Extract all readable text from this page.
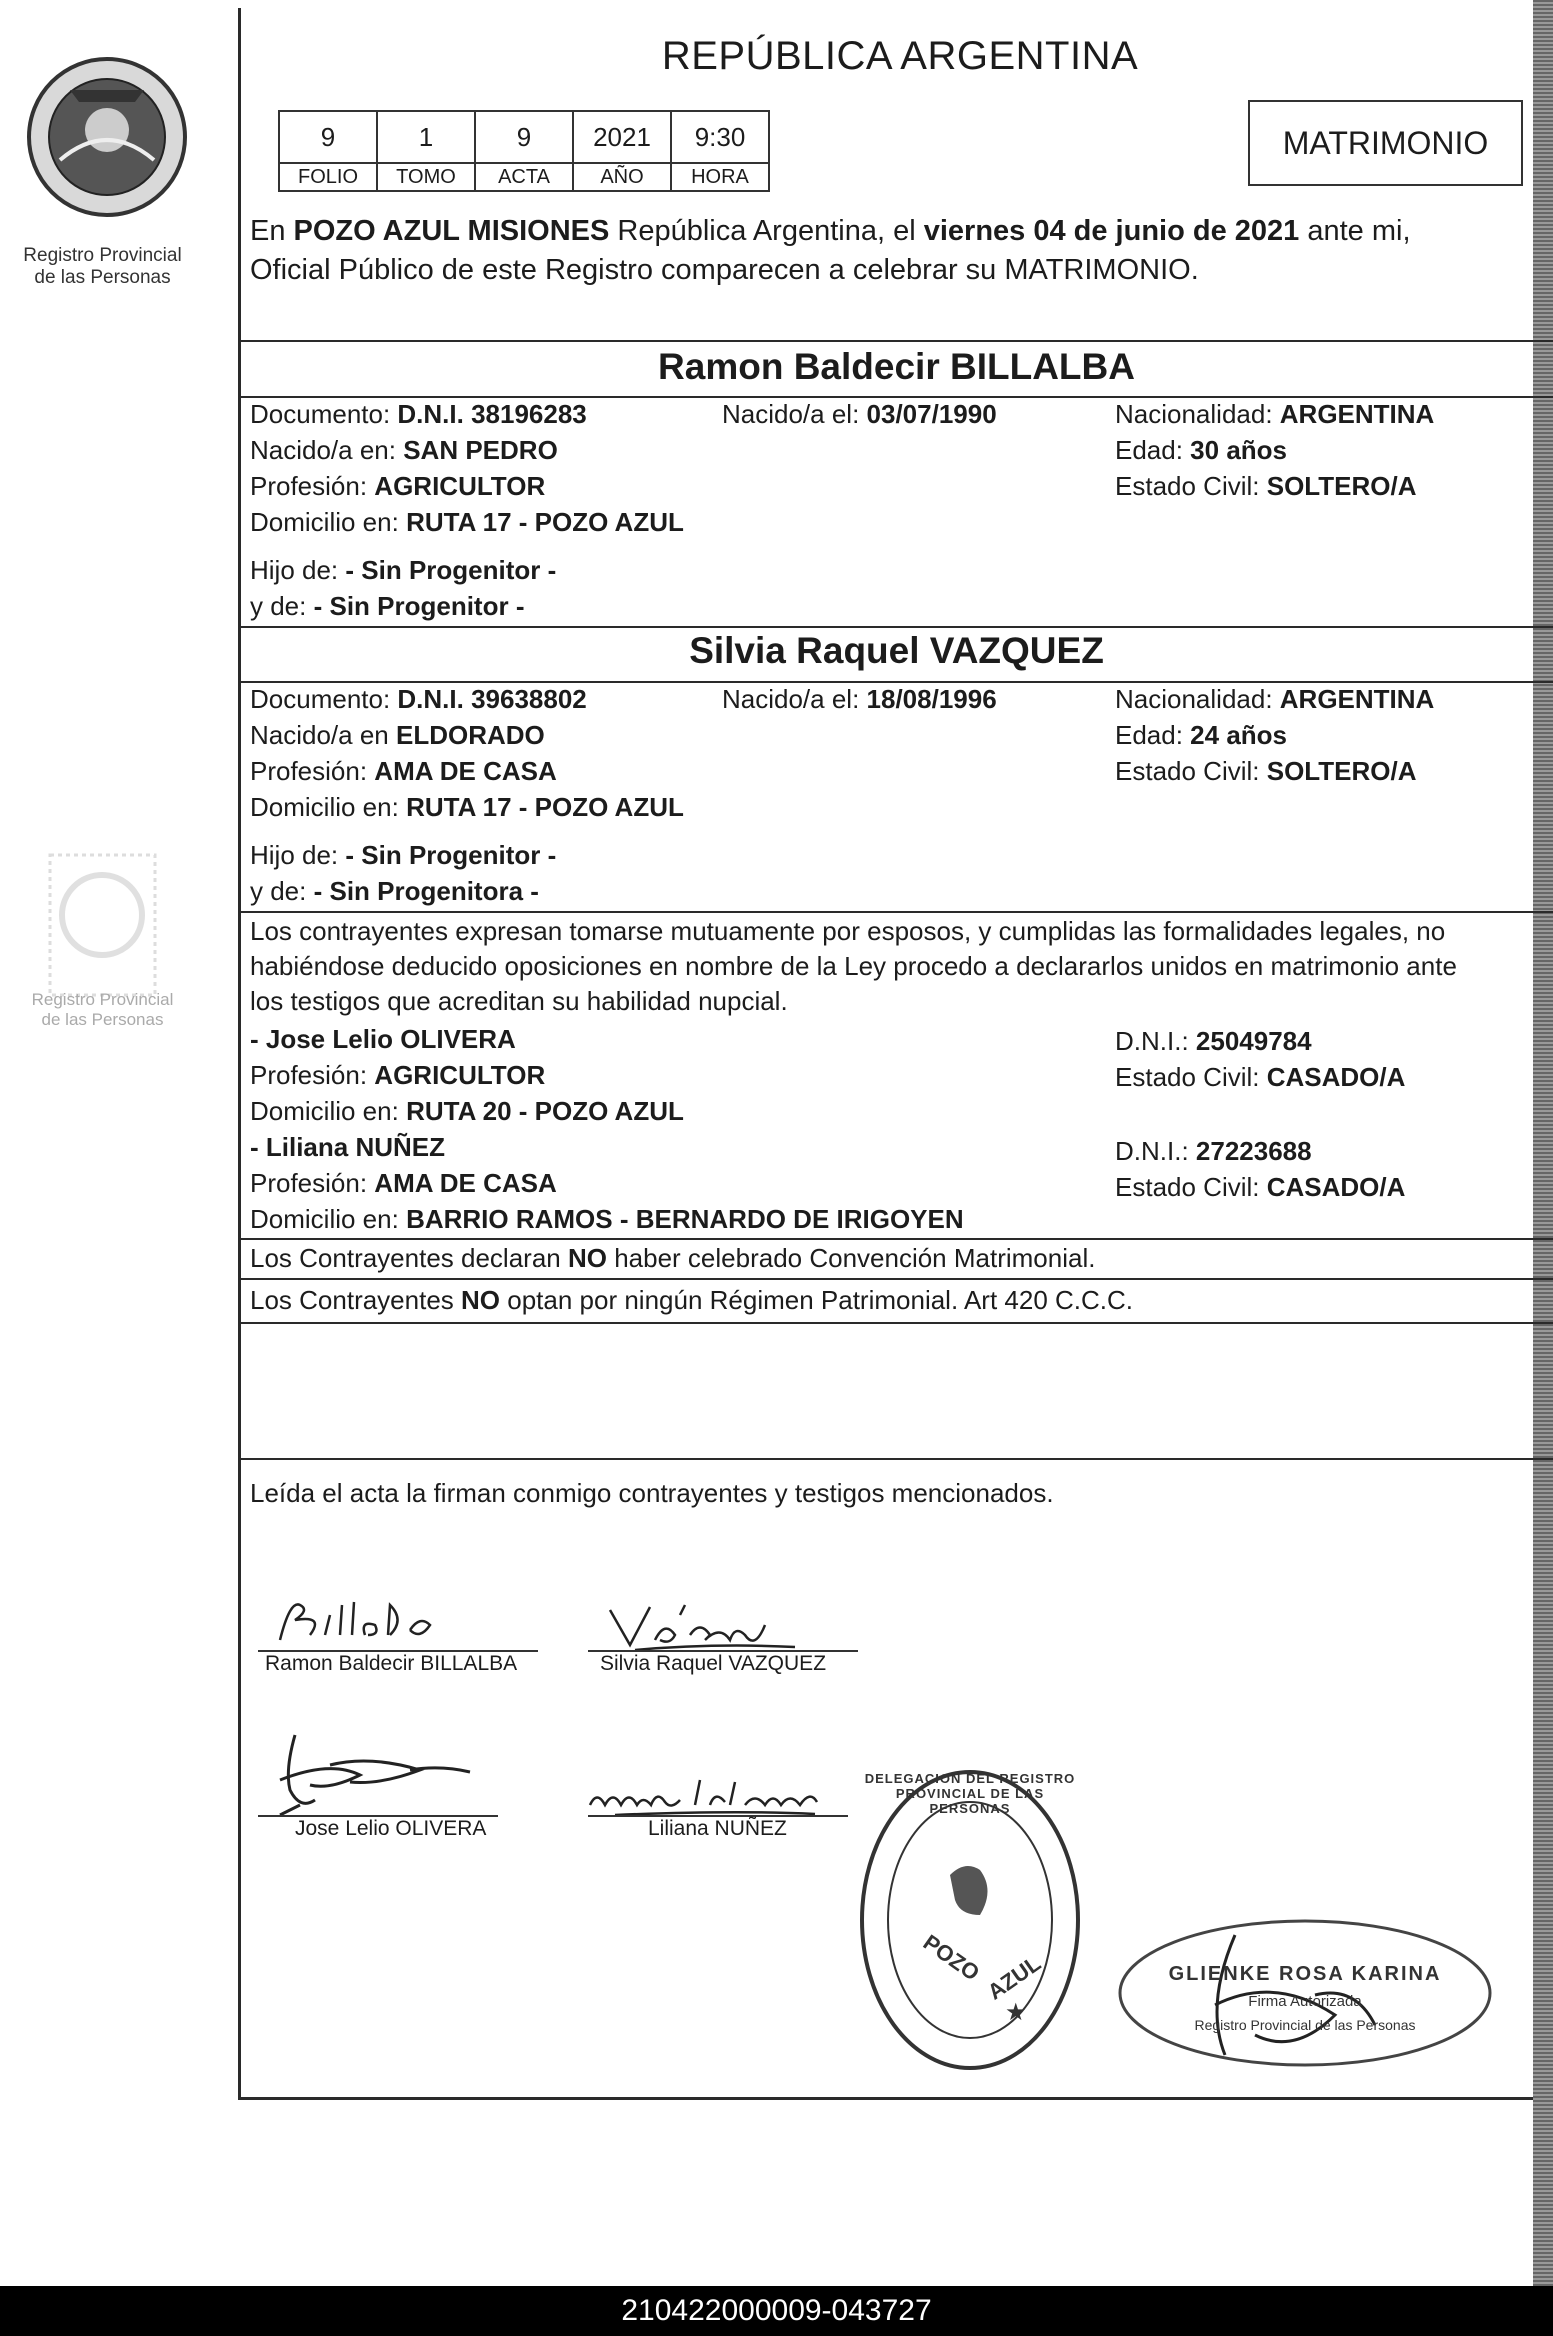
Registro Provincial
de las Personas
Registro Provincial
de las Personas
REPÚBLICA ARGENTINA
9	1	9	2021	9:30
FOLIO	TOMO	ACTA	AÑO	HORA
MATRIMONIO
En POZO AZUL MISIONES República Argentina, el viernes 04 de junio de 2021 ante mi,
Oficial Público de este Registro comparecen a celebrar su MATRIMONIO.
Ramon Baldecir BILLALBA
Documento: D.N.I. 38196283	Nacido/a el: 03/07/1990	Nacionalidad: ARGENTINA
Nacido/a en: SAN PEDRO	Edad: 30 años
Profesión: AGRICULTOR	Estado Civil: SOLTERO/A
Domicilio en: RUTA 17 - POZO AZUL
Hijo de: - Sin Progenitor -
y de: - Sin Progenitor -
Silvia Raquel VAZQUEZ
Documento: D.N.I. 39638802	Nacido/a el: 18/08/1996	Nacionalidad: ARGENTINA
Nacido/a en ELDORADO	Edad: 24 años
Profesión: AMA DE CASA	Estado Civil: SOLTERO/A
Domicilio en: RUTA 17 - POZO AZUL
Hijo de: - Sin Progenitor -
y de: - Sin Progenitora -
Los contrayentes expresan tomarse mutuamente por esposos, y cumplidas las formalidades legales, no
habiéndose deducido oposiciones en nombre de la Ley procedo a declararlos unidos en matrimonio ante
los testigos que acreditan su habilidad nupcial.
- Jose Lelio OLIVERA	D.N.I.: 25049784
Profesión: AGRICULTOR	Estado Civil: CASADO/A
Domicilio en: RUTA 20 - POZO AZUL
- Liliana NUÑEZ	D.N.I.: 27223688
Profesión: AMA DE CASA	Estado Civil: CASADO/A
Domicilio en: BARRIO RAMOS - BERNARDO DE IRIGOYEN
Los Contrayentes declaran NO haber celebrado Convención Matrimonial.
Los Contrayentes NO optan por ningún Régimen Patrimonial. Art 420 C.C.C.
Leída el acta la firman conmigo contrayentes y testigos mencionados.
Ramon Baldecir BILLALBA	Silvia Raquel VAZQUEZ
Jose Lelio OLIVERA	Liliana NUÑEZ
★
DELEGACION DEL REGISTRO PROVINCIAL DE LAS PERSONAS
POZO
AZUL	GLIENKE ROSA KARINA
Firma Autorizada
Registro Provincial de las Personas
210422000009-043727
